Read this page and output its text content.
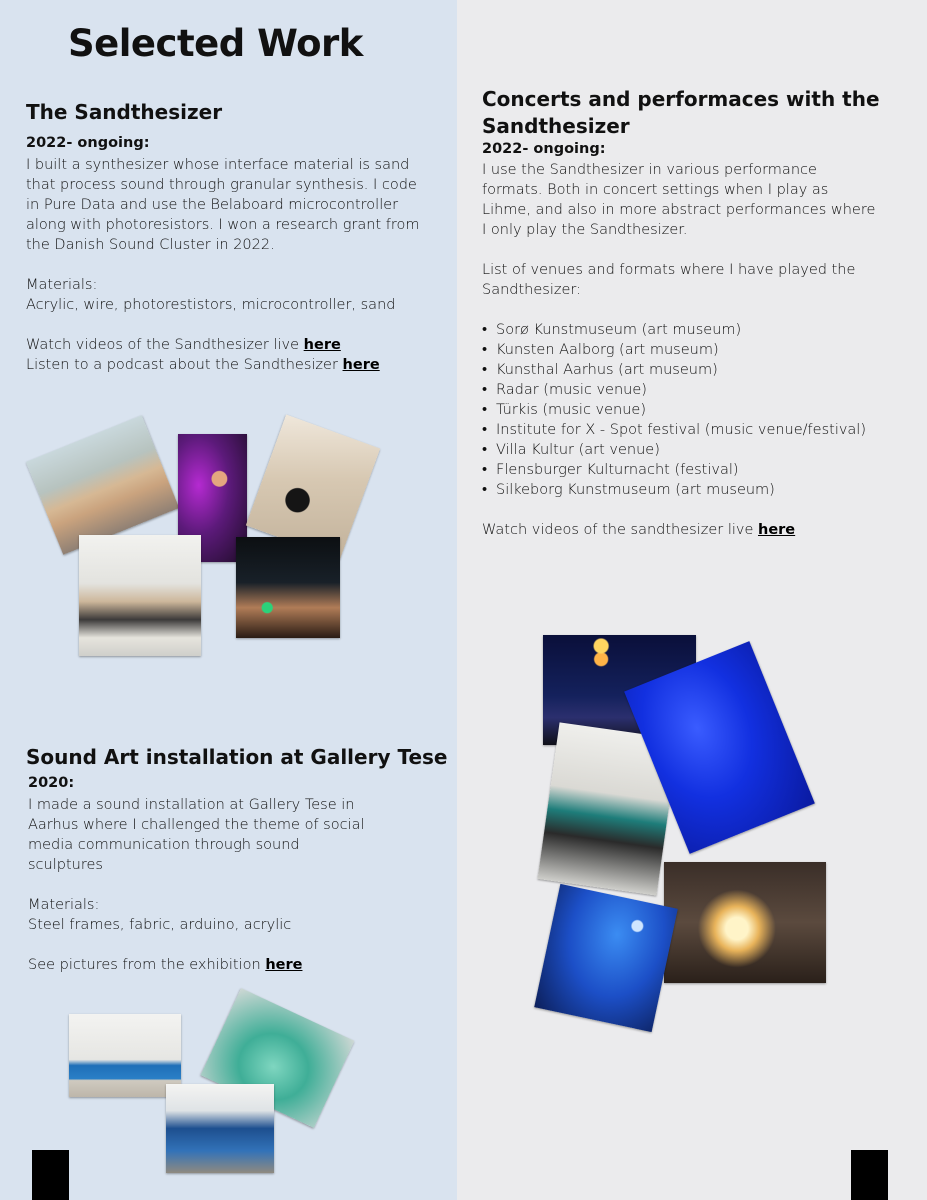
Selected Work
The Sandthesizer
2022- ongoing:

I built a synthesizer whose interface material is sand that process sound through granular synthesis. I code in Pure Data and use the Belaboard microcontroller along with photoresistors. I won a research grant from the Danish Sound Cluster in 2022.

Materials:

Acrylic, wire, photorestistors, microcontroller, sand

Watch videos of the Sandthesizer live here

Listen to a podcast about the Sandthesizer here

Concerts and performaces with the Sandthesizer
2022- ongoing:

I use the Sandthesizer in various performance formats. Both in concert settings when I play as Lihme, and also in more abstract performances where I only play the Sandthesizer.

List of venues and formats where I have played the Sandthesizer:

• Sorø Kunstmuseum (art museum)
• Kunsten Aalborg (art museum)
• Kunsthal Aarhus (art museum)
• Radar (music venue)
• Türkis (music venue)
• Institute for X - Spot festival (music venue/festival)
• Villa Kultur (art venue)
• Flensburger Kulturnacht (festival)
• Silkeborg Kunstmuseum (art museum)

Watch videos of the sandthesizer live here

Sound Art installation at Gallery Tese
2020:

I made a sound installation at Gallery Tese in Aarhus where I challenged the theme of social media communication through sound sculptures

Materials:

Steel frames, fabric, arduino, acrylic

See pictures from the exhibition here
